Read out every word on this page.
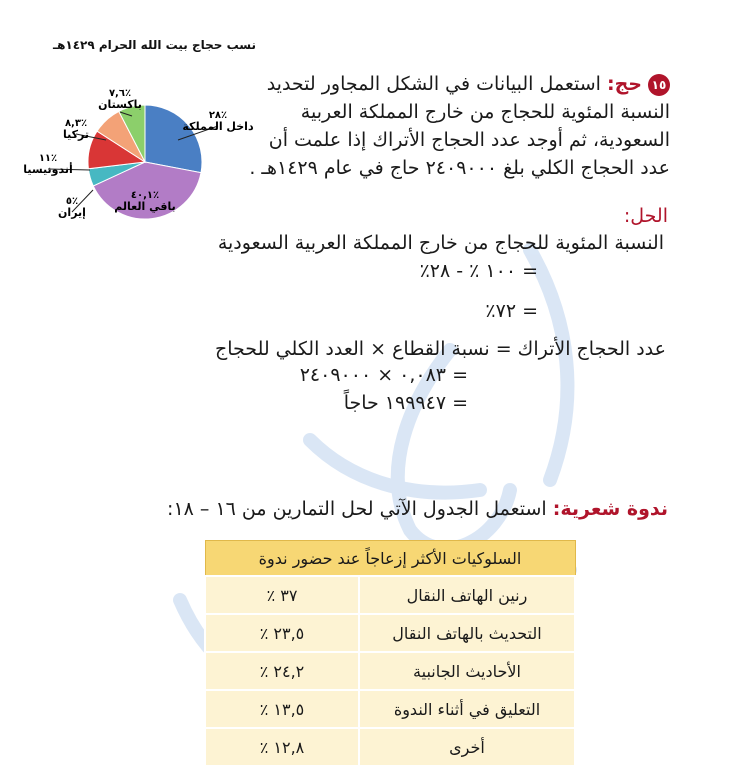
٢٨٪
داخل المملكة
٤٠,١٪
باقي العالم
٥٪
إيران
١١٪
أندونيسيا
٨,٣٪
تركيا
٧,٦٪
باكستان
نسب حجاج بيت الله الحرام ١٤٢٩هـ
١٥حج: استعمل البيانات في الشكل المجاور لتحديد النسبة المئوية للحجاج من خارج المملكة العربية السعودية، ثم أوجد عدد الحجاج الأتراك إذا علمت أن عدد الحجاج الكلي بلغ ٢٤٠٩٠٠٠ حاج في عام ١٤٢٩هـ .
الحل:
النسبة المئوية للحجاج من خارج المملكة العربية السعودية
= ١٠٠ ٪ - ٢٨٪
= ٧٢٪
عدد الحجاج الأتراك = نسبة القطاع × العدد الكلي للحجاج
= ٠,٠٨٣ × ٢٤٠٩٠٠٠
= ١٩٩٩٤٧ حاجاً
ندوة شعرية: استعمل الجدول الآتي لحل التمارين من ١٦ – ١٨:
السلوكيات الأكثر إزعاجاً عند حضور ندوة	
رنين الهاتف النقال	٣٧ ٪
التحديث بالهاتف النقال	٢٣,٥ ٪
الأحاديث الجانبية	٢٤,٢ ٪
التعليق في أثناء الندوة	١٣,٥ ٪
أخرى	١٢,٨ ٪
